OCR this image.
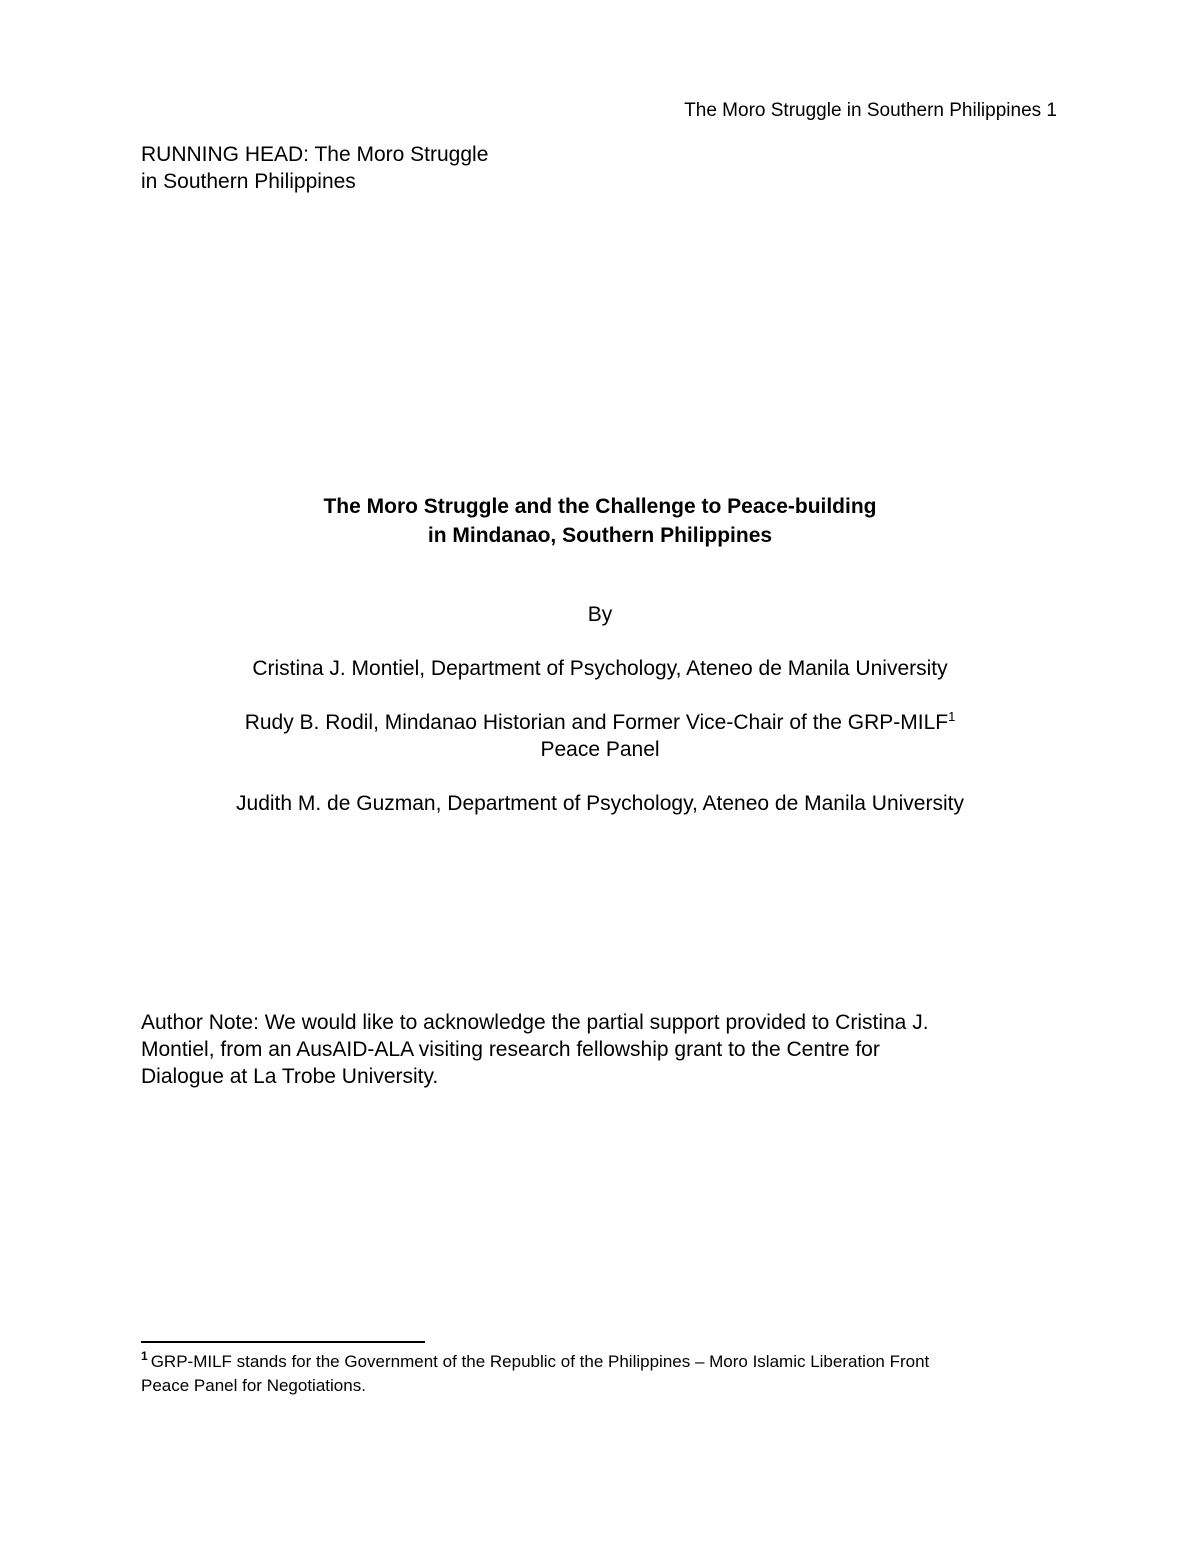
The Moro Struggle in Southern Philippines 1
RUNNING HEAD: The Moro Struggle
in Southern Philippines
The Moro Struggle and the Challenge to Peace-building
in Mindanao, Southern Philippines
By
Cristina J. Montiel, Department of Psychology, Ateneo de Manila University
Rudy B. Rodil, Mindanao Historian and Former Vice-Chair of the GRP-MILF$^1$
Peace Panel
Judith M. de Guzman, Department of Psychology, Ateneo de Manila University
Author Note: We would like to acknowledge the partial support provided to Cristina J.
Montiel, from an AusAID-ALA visiting research fellowship grant to the Centre for
Dialogue at La Trobe University.
$^1$ GRP-MILF stands for the Government of the Republic of the Philippines – Moro Islamic Liberation Front
Peace Panel for Negotiations.
